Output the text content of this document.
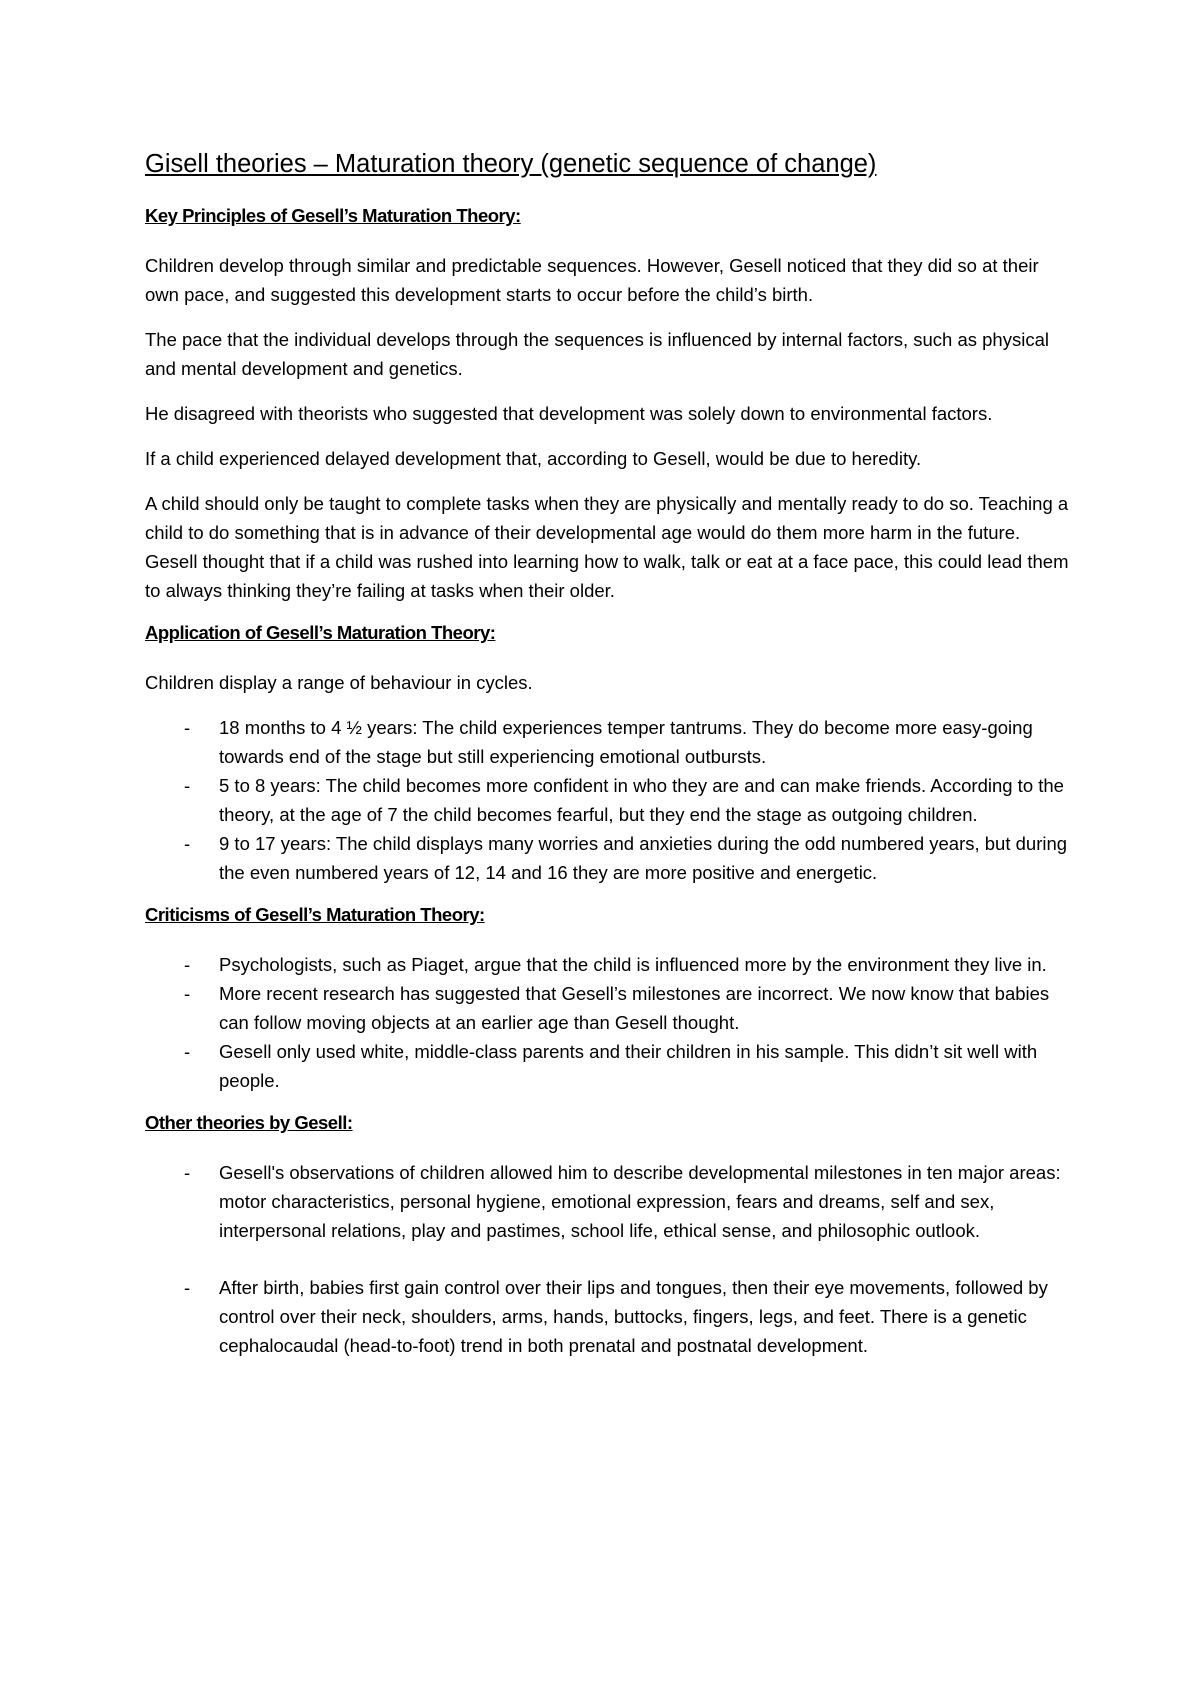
Gisell theories – Maturation theory (genetic sequence of change)
Key Principles of Gesell’s Maturation Theory:

Children develop through similar and predictable sequences. However, Gesell noticed that they did so at their own pace, and suggested this development starts to occur before the child’s birth.

The pace that the individual develops through the sequences is influenced by internal factors, such as physical and mental development and genetics.

He disagreed with theorists who suggested that development was solely down to environmental factors.

If a child experienced delayed development that, according to Gesell, would be due to heredity.

A child should only be taught to complete tasks when they are physically and mentally ready to do so. Teaching a child to do something that is in advance of their developmental age would do them more harm in the future. Gesell thought that if a child was rushed into learning how to walk, talk or eat at a face pace, this could lead them to always thinking they’re failing at tasks when their older.

Application of Gesell’s Maturation Theory:

Children display a range of behaviour in cycles.

- 18 months to 4 ½ years: The child experiences temper tantrums. They do become more easy-going towards end of the stage but still experiencing emotional outbursts.
- 5 to 8 years: The child becomes more confident in who they are and can make friends. According to the theory, at the age of 7 the child becomes fearful, but they end the stage as outgoing children.
- 9 to 17 years: The child displays many worries and anxieties during the odd numbered years, but during the even numbered years of 12, 14 and 16 they are more positive and energetic.
Criticisms of Gesell’s Maturation Theory:
- Psychologists, such as Piaget, argue that the child is influenced more by the environment they live in.
- More recent research has suggested that Gesell’s milestones are incorrect. We now know that babies can follow moving objects at an earlier age than Gesell thought.
- Gesell only used white, middle-class parents and their children in his sample. This didn’t sit well with people.
Other theories by Gesell:
- Gesell's observations of children allowed him to describe developmental milestones in ten major areas: motor characteristics, personal hygiene, emotional expression, fears and dreams, self and sex, interpersonal relations, play and pastimes, school life, ethical sense, and philosophic outlook.
- After birth, babies first gain control over their lips and tongues, then their eye movements, followed by control over their neck, shoulders, arms, hands, buttocks, fingers, legs, and feet. There is a genetic cephalocaudal (head-to-foot) trend in both prenatal and postnatal development.
